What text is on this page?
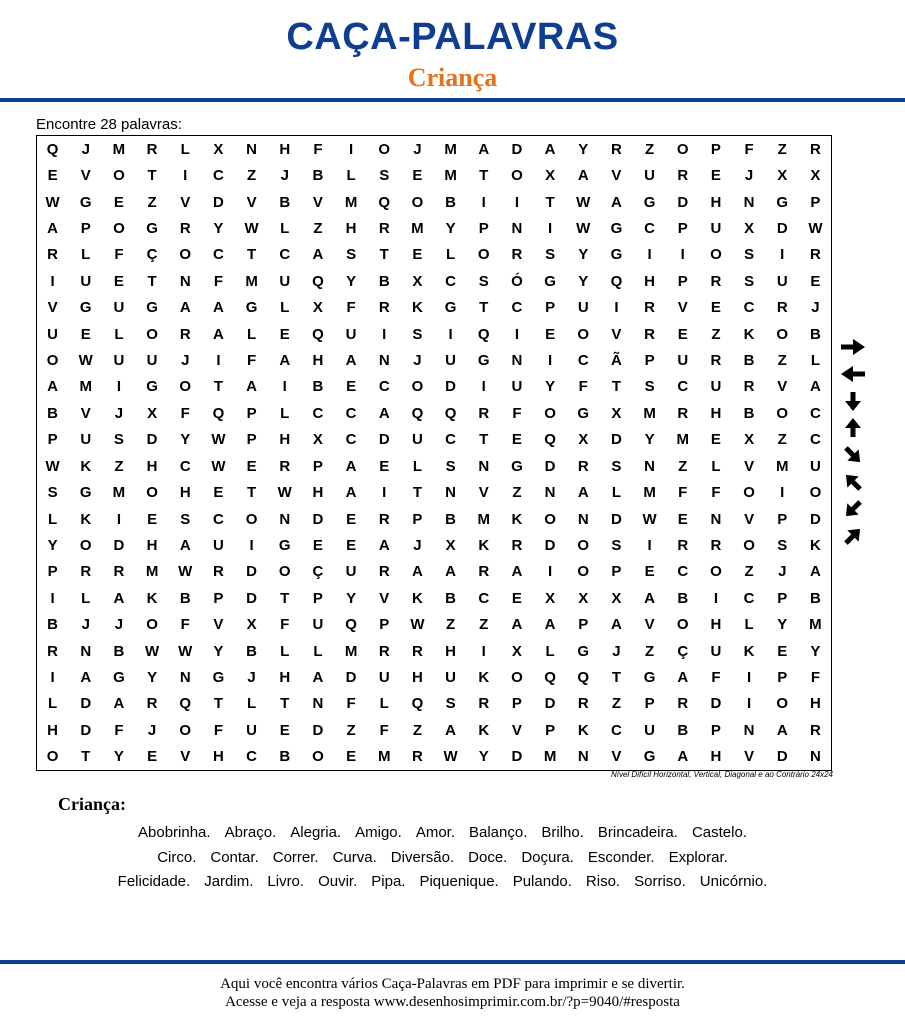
CAÇA-PALAVRAS
Criança
Encontre 28 palavras:
Q	J	M	R	L	X	N	H	F	I	O	J	M	A	D	A	Y	R	Z	O	P	F	Z	R
E	V	O	T	I	C	Z	J	B	L	S	E	M	T	O	X	A	V	U	R	E	J	X	X
W	G	E	Z	V	D	V	B	V	M	Q	O	B	I	I	T	W	A	G	D	H	N	G	P
A	P	O	G	R	Y	W	L	Z	H	R	M	Y	P	N	I	W	G	C	P	U	X	D	W
R	L	F	Ç	O	C	T	C	A	S	T	E	L	O	R	S	Y	G	I	I	O	S	I	R
I	U	E	T	N	F	M	U	Q	Y	B	X	C	S	Ó	G	Y	Q	H	P	R	S	U	E
V	G	U	G	A	A	G	L	X	F	R	K	G	T	C	P	U	I	R	V	E	C	R	J
U	E	L	O	R	A	L	E	Q	U	I	S	I	Q	I	E	O	V	R	E	Z	K	O	B
O	W	U	U	J	I	F	A	H	A	N	J	U	G	N	I	C	Ã	P	U	R	B	Z	L
A	M	I	G	O	T	A	I	B	E	C	O	D	I	U	Y	F	T	S	C	U	R	V	A
B	V	J	X	F	Q	P	L	C	C	A	Q	Q	R	F	O	G	X	M	R	H	B	O	C
P	U	S	D	Y	W	P	H	X	C	D	U	C	T	E	Q	X	D	Y	M	E	X	Z	C
W	K	Z	H	C	W	E	R	P	A	E	L	S	N	G	D	R	S	N	Z	L	V	M	U
S	G	M	O	H	E	T	W	H	A	I	T	N	V	Z	N	A	L	M	F	F	O	I	O
L	K	I	E	S	C	O	N	D	E	R	P	B	M	K	O	N	D	W	E	N	V	P	D
Y	O	D	H	A	U	I	G	E	E	A	J	X	K	R	D	O	S	I	R	R	O	S	K
P	R	R	M	W	R	D	O	Ç	U	R	A	A	R	A	I	O	P	E	C	O	Z	J	A
I	L	A	K	B	P	D	T	P	Y	V	K	B	C	E	X	X	X	A	B	I	C	P	B
B	J	J	O	F	V	X	F	U	Q	P	W	Z	Z	A	A	P	A	V	O	H	L	Y	M
R	N	B	W	W	Y	B	L	L	M	R	R	H	I	X	L	G	J	Z	Ç	U	K	E	Y
I	A	G	Y	N	G	J	H	A	D	U	H	U	K	O	Q	Q	T	G	A	F	I	P	F
L	D	A	R	Q	T	L	T	N	F	L	Q	S	R	P	D	R	Z	P	R	D	I	O	H
H	D	F	J	O	F	U	E	D	Z	F	Z	A	K	V	P	K	C	U	B	P	N	A	R
O	T	Y	E	V	H	C	B	O	E	M	R	W	Y	D	M	N	V	G	A	H	V	D	N
Nível Difícil Horizontal, Vertical, Diagonal e ao Contrário 24x24
Criança:
Abobrinha. Abraço. Alegria. Amigo. Amor. Balanço. Brilho. Brincadeira. Castelo.
Circo. Contar. Correr. Curva. Diversão. Doce. Doçura. Esconder. Explorar.
Felicidade. Jardim. Livro. Ouvir. Pipa. Piquenique. Pulando. Riso. Sorriso. Unicórnio.
Aqui você encontra vários Caça-Palavras em PDF para imprimir e se divertir.
Acesse e veja a resposta www.desenhosimprimir.com.br/?p=9040/#resposta
